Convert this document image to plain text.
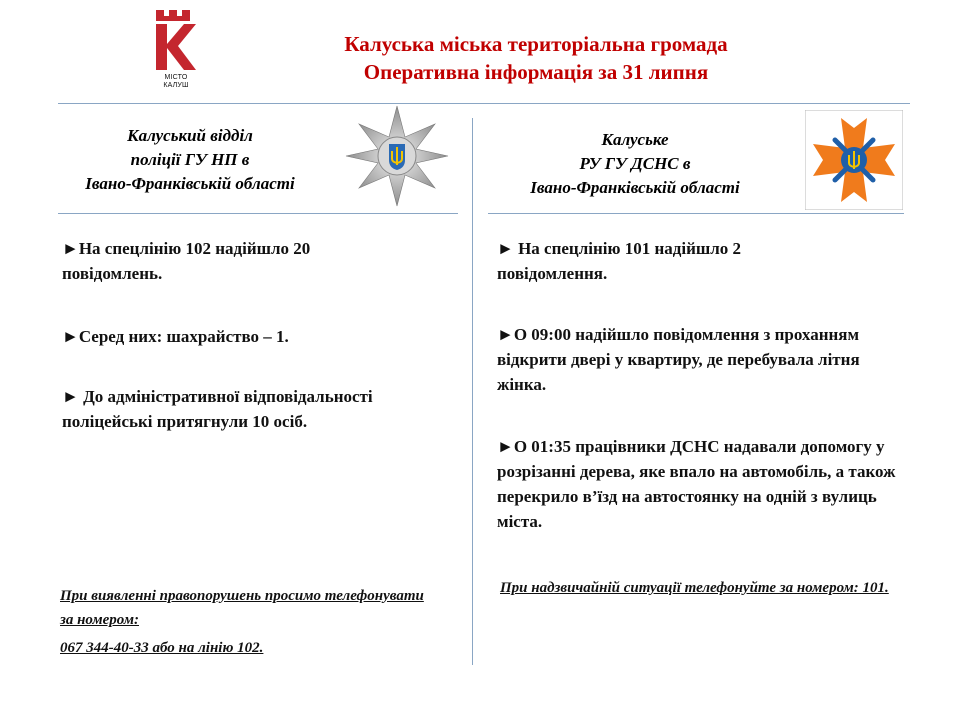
МІСТО
КАЛУШ
Калуська міська територіальна громада
Оперативна інформація за 31 липня
Калуський відділ
поліції ГУ НП в
Івано-Франківській області
►На спецлінію 102 надійшло 20 повідомлень.
►Серед них: шахрайство – 1.
► До адміністративної відповідальності поліцейські притягнули 10 осіб.
При виявленні правопорушень просимо телефонувати за номером:
067 344-40-33 або на лінію 102.
Калуське
РУ ГУ ДСНС в
Івано-Франківській області
► На спецлінію 101 надійшло 2 повідомлення.
►О 09:00 надійшло повідомлення з проханням відкрити двері у квартиру, де перебувала літня жінка.
►О 01:35 працівники ДСНС надавали допомогу у розрізанні дерева, яке впало на автомобіль, а також перекрило в’їзд на автостоянку на одній з вулиць міста.
При надзвичайній ситуації телефонуйте за номером: 101.
